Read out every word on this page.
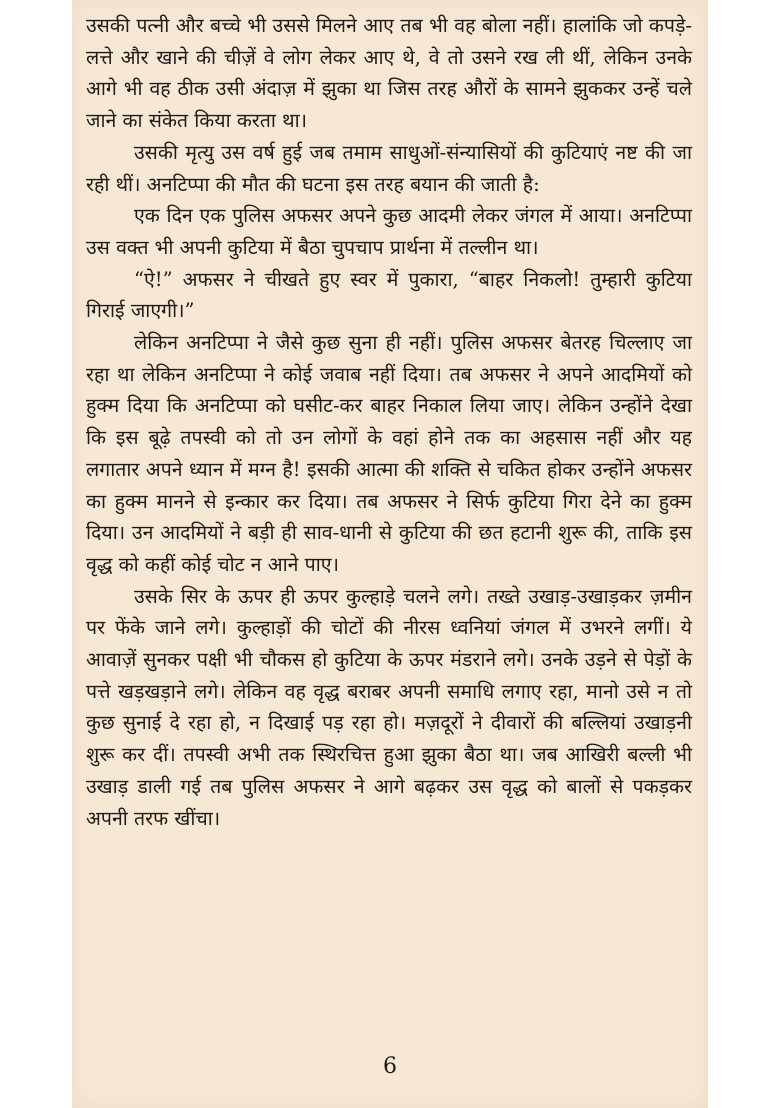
उसकी पत्नी और बच्चे भी उससे मिलने आए तब भी वह बोला नहीं। हालांकि जो कपड़े-लत्ते और खाने की चीज़ें वे लोग लेकर आए थे, वे तो उसने रख ली थीं, लेकिन उनके आगे भी वह ठीक उसी अंदाज़ में झुका था जिस तरह औरों के सामने झुककर उन्हें चले जाने का संकेत किया करता था।

उसकी मृत्यु उस वर्ष हुई जब तमाम साधुओं-संन्यासियों की कुटियाएं नष्ट की जा रही थीं। अनटिप्पा की मौत की घटना इस तरह बयान की जाती है:

एक दिन एक पुलिस अफसर अपने कुछ आदमी लेकर जंगल में आया। अनटिप्पा उस वक्त भी अपनी कुटिया में बैठा चुपचाप प्रार्थना में तल्लीन था।

“ऐ!” अफसर ने चीखते हुए स्वर में पुकारा, “बाहर निकलो! तुम्हारी कुटिया गिराई जाएगी।”

लेकिन अनटिप्पा ने जैसे कुछ सुना ही नहीं। पुलिस अफसर बेतरह चिल्लाए जा रहा था लेकिन अनटिप्पा ने कोई जवाब नहीं दिया। तब अफसर ने अपने आदमियों को हुक्म दिया कि अनटिप्पा को घसीट-कर बाहर निकाल लिया जाए। लेकिन उन्होंने देखा कि इस बूढ़े तपस्वी को तो उन लोगों के वहां होने तक का अहसास नहीं और यह लगातार अपने ध्यान में मग्न है! इसकी आत्मा की शक्ति से चकित होकर उन्होंने अफसर का हुक्म मानने से इन्कार कर दिया। तब अफसर ने सिर्फ कुटिया गिरा देने का हुक्म दिया। उन आदमियों ने बड़ी ही साव-धानी से कुटिया की छत हटानी शुरू की, ताकि इस वृद्ध को कहीं कोई चोट न आने पाए।

उसके सिर के ऊपर ही ऊपर कुल्हाड़े चलने लगे। तख्ते उखाड़-उखाड़कर ज़मीन पर फेंके जाने लगे। कुल्हाड़ों की चोटों की नीरस ध्वनियां जंगल में उभरने लगीं। ये आवाज़ें सुनकर पक्षी भी चौकस हो कुटिया के ऊपर मंडराने लगे। उनके उड़ने से पेड़ों के पत्ते खड़खड़ाने लगे। लेकिन वह वृद्ध बराबर अपनी समाधि लगाए रहा, मानो उसे न तो कुछ सुनाई दे रहा हो, न दिखाई पड़ रहा हो। मज़दूरों ने दीवारों की बल्लियां उखाड़नी शुरू कर दीं। तपस्वी अभी तक स्थिरचित्त हुआ झुका बैठा था। जब आखिरी बल्ली भी उखाड़ डाली गई तब पुलिस अफसर ने आगे बढ़कर उस वृद्ध को बालों से पकड़कर अपनी तरफ खींचा।

6
